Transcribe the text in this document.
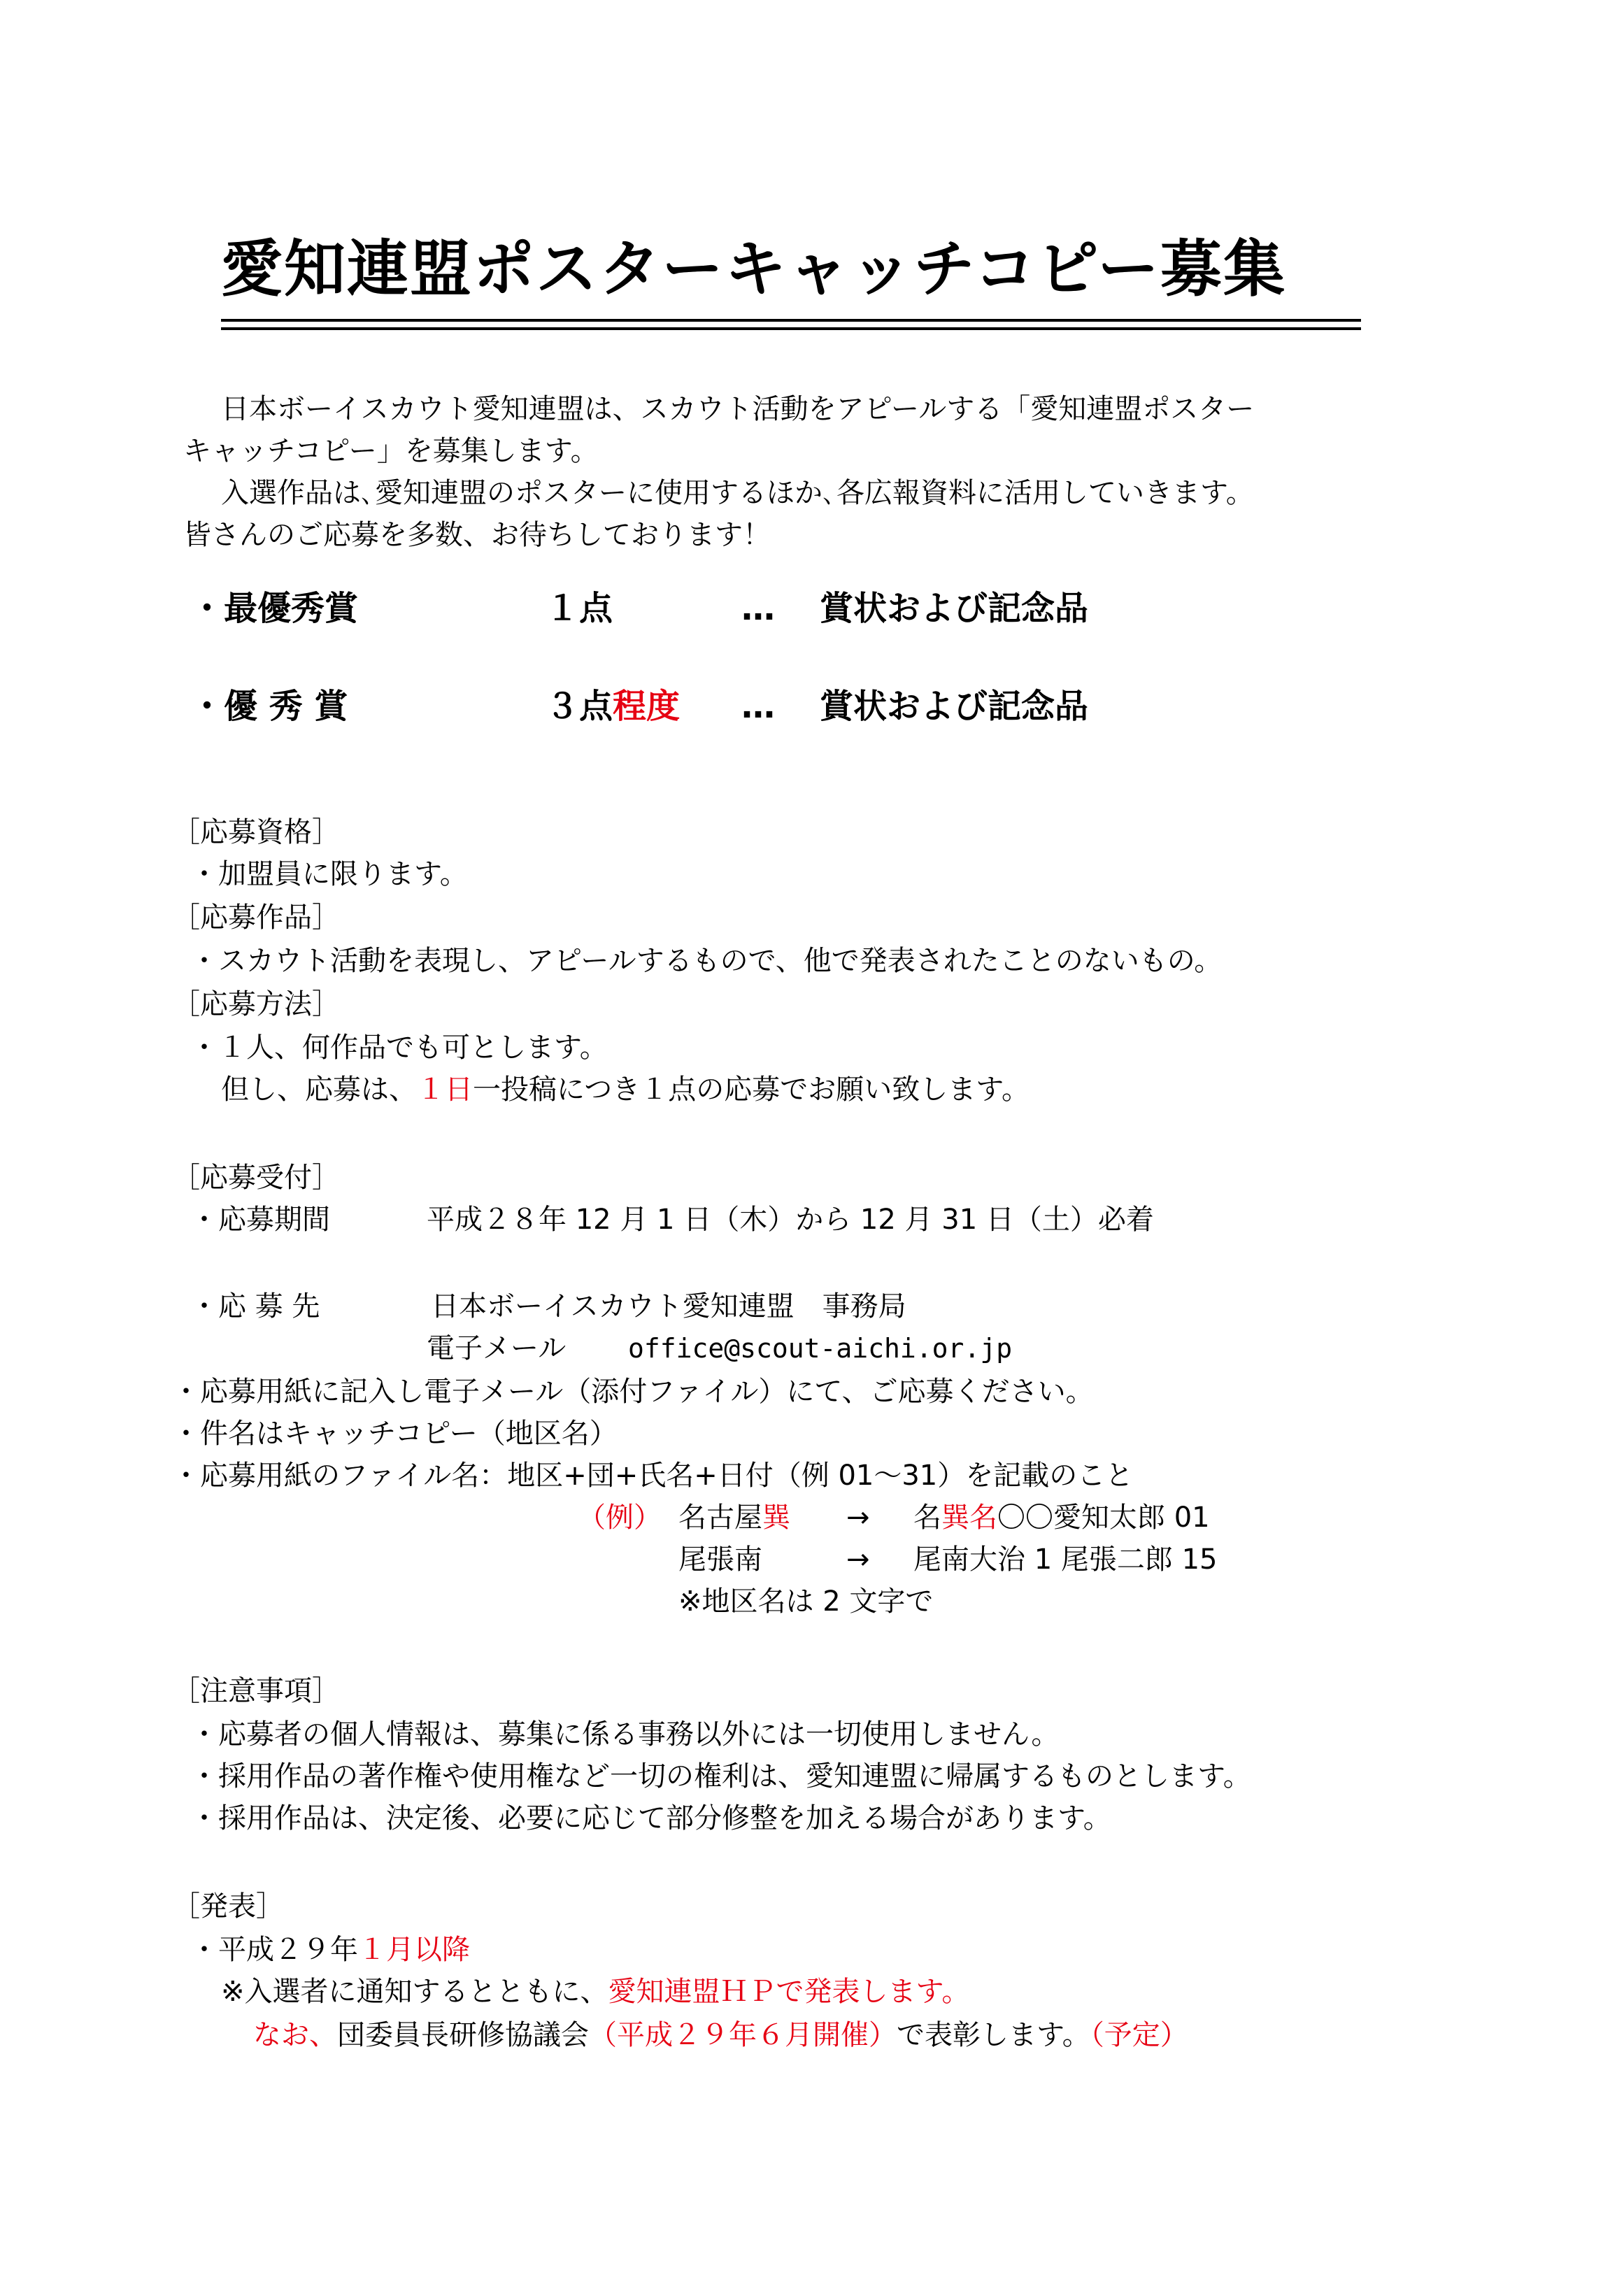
愛知連盟ポスターキャッチコピー募集
日本ボーイスカウト愛知連盟は、スカウト活動をアピールする「愛知連盟ポスター
キャッチコピー」を募集します。
入選作品は､愛知連盟のポスターに使用するほか､各広報資料に活用していきます。
皆さんのご応募を多数、お待ちしております！
・最優秀賞	１点	… 賞状および記念品
・優 秀 賞	３点程度 … 賞状および記念品
［応募資格］
・加盟員に限ります。
［応募作品］
・スカウト活動を表現し、アピールするもので、他で発表されたことのないもの。
［応募方法］
・１人、何作品でも可とします。
但し、応募は、１日一投稿につき１点の応募でお願い致します。
［応募受付］
・応募期間	平成２８年 12 月 1 日（木）から 12 月 31 日（土）必着
・応 募 先	日本ボーイスカウト愛知連盟　事務局
電子メール office@scout-aichi.or.jp
・応募用紙に記入し電子メール（添付ファイル）にて、ご応募ください。
・件名はキャッチコピー（地区名）
・応募用紙のファイル名：地区+団+氏名+日付（例 01～31）を記載のこと
（例） 名古屋巽 → 名巽名〇〇愛知太郎 01
尾張南	→ 尾南大治 1 尾張二郎 15
※地区名は 2 文字で
［注意事項］
・応募者の個人情報は、募集に係る事務以外には一切使用しません。
・採用作品の著作権や使用権など一切の権利は、愛知連盟に帰属するものとします。
・採用作品は、決定後、必要に応じて部分修整を加える場合があります。
［発表］
・平成２９年１月以降
※入選者に通知するとともに、愛知連盟ＨＰで発表します。
なお、団委員長研修協議会（平成２９年６月開催）で表彰します。（予定）
